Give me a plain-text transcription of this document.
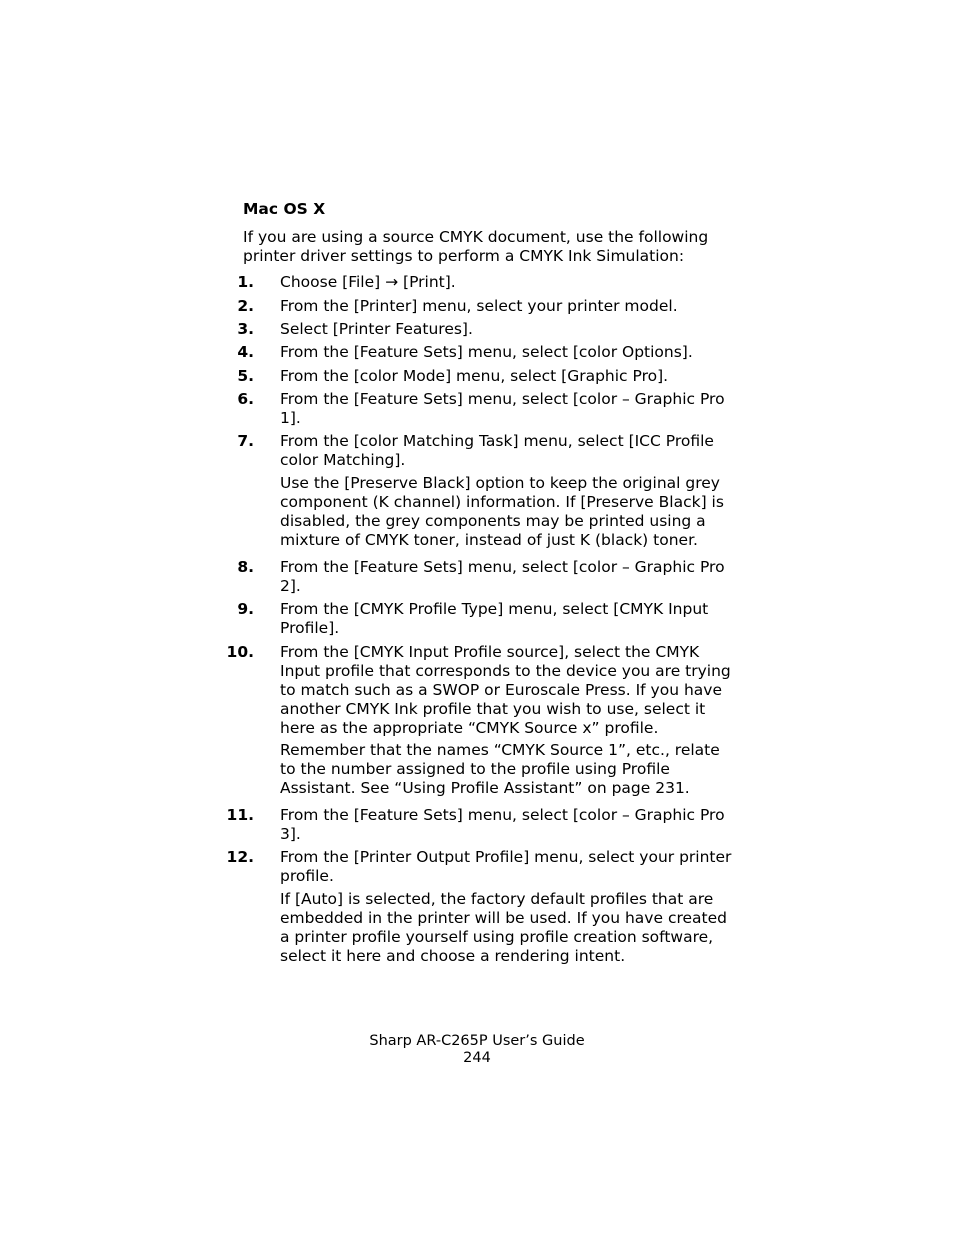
Mac OS X
If you are using a source CMYK document, use the following printer driver settings to perform a CMYK Ink Simulation:
1. Choose [File] → [Print].
2. From the [Printer] menu, select your printer model.
3. Select [Printer Features].
4. From the [Feature Sets] menu, select [color Options].
5. From the [color Mode] menu, select [Graphic Pro].
6. From the [Feature Sets] menu, select [color – Graphic Pro 1].
7. From the [color Matching Task] menu, select [ICC Profile color Matching].
Use the [Preserve Black] option to keep the original grey component (K channel) information. If [Preserve Black] is disabled, the grey components may be printed using a mixture of CMYK toner, instead of just K (black) toner.
8. From the [Feature Sets] menu, select [color – Graphic Pro 2].
9. From the [CMYK Profile Type] menu, select [CMYK Input Profile].
10. From the [CMYK Input Profile source], select the CMYK Input profile that corresponds to the device you are trying to match such as a SWOP or Euroscale Press. If you have another CMYK Ink profile that you wish to use, select it here as the appropriate “CMYK Source x” profile.
Remember that the names “CMYK Source 1”, etc., relate to the number assigned to the profile using Profile Assistant. See “Using Profile Assistant” on page 231.
11. From the [Feature Sets] menu, select [color – Graphic Pro 3].
12. From the [Printer Output Profile] menu, select your printer profile.
If [Auto] is selected, the factory default profiles that are embedded in the printer will be used. If you have created a printer profile yourself using profile creation software, select it here and choose a rendering intent.
Sharp AR-C265P User’s Guide
244
